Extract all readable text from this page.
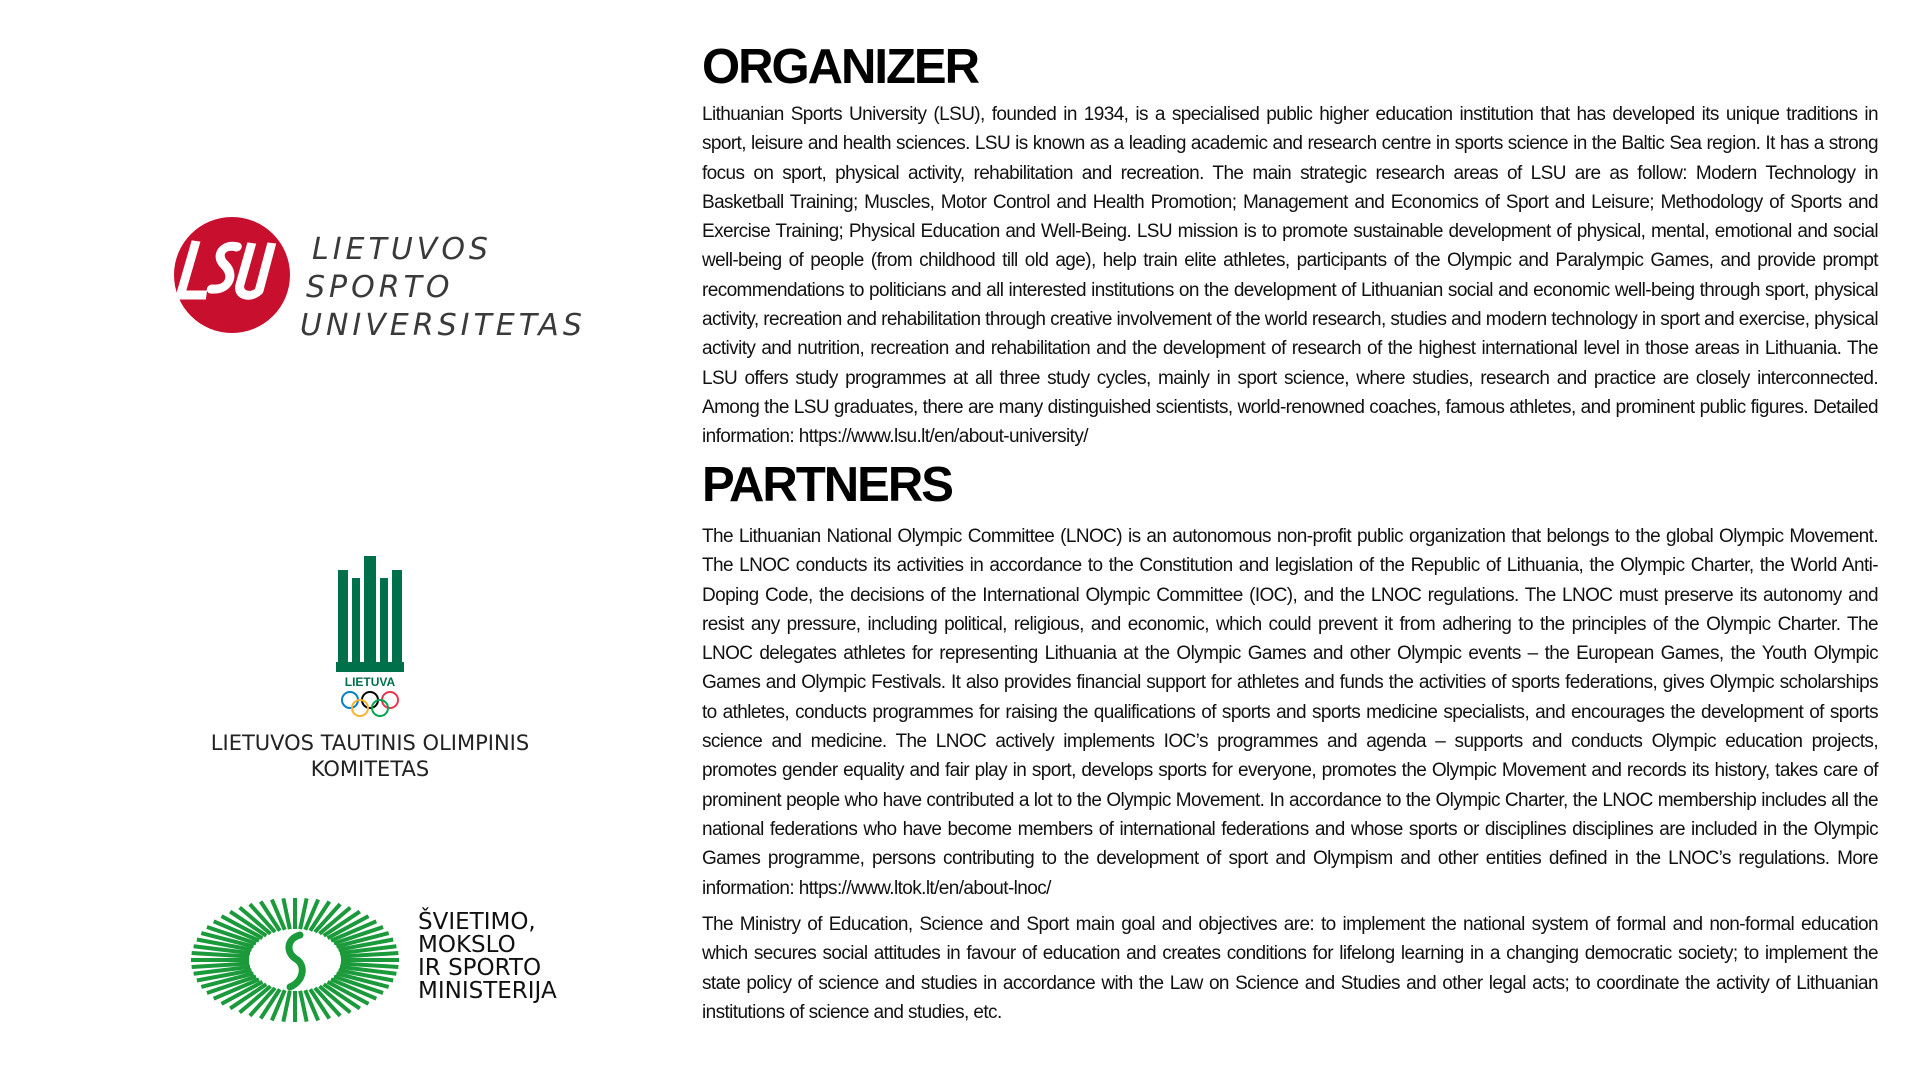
LIETUVOS
SPORTO
UNIVERSITETAS
LIETUVA
LIETUVOS TAUTINIS OLIMPINIS
KOMITETAS
ŠVIETIMO,
MOKSLO
IR SPORTO
MINISTERIJA
ORGANIZER

Lithuanian Sports University (LSU), founded in 1934, is a specialised public higher education institution that has developed its unique traditions in sport, leisure and health sciences. LSU is known as a leading academic and research centre in sports science in the Baltic Sea region. It has a strong focus on sport, physical activity, rehabilitation and recreation. The main strategic research areas of LSU are as follow: Modern Technology in Basketball Training; Muscles, Motor Control and Health Promotion; Management and Economics of Sport and Leisure; Methodology of Sports and Exercise Training; Physical Education and Well-Being. LSU mission is to promote sustainable development of physical, mental, emotional and social well-being of people (from childhood till old age), help train elite athletes, participants of the Olympic and Paralympic Games, and provide prompt recommendations to politicians and all interested institutions on the development of Lithuanian social and economic well-being through sport, physical activity, recreation and rehabilitation through creative involvement of the world research, studies and modern technology in sport and exercise, physical activity and nutrition, recreation and rehabilitation and the development of research of the highest international level in those areas in Lithuania. The LSU offers study programmes at all three study cycles, mainly in sport science, where studies, research and practice are closely interconnected. Among the LSU graduates, there are many distinguished scientists, world-renowned coaches, famous athletes, and prominent public figures. Detailed information: https://www.lsu.lt/en/about-university/

PARTNERS

The Lithuanian National Olympic Committee (LNOC) is an autonomous non-profit public organization that belongs to the global Olympic Movement. The LNOC conducts its activities in accordance to the Constitution and legislation of the Republic of Lithuania, the Olympic Charter, the World Anti-Doping Code, the decisions of the International Olympic Committee (IOC), and the LNOC regulations. The LNOC must preserve its autonomy and resist any pressure, including political, religious, and economic, which could prevent it from adhering to the principles of the Olympic Charter. The LNOC delegates athletes for representing Lithuania at the Olympic Games and other Olympic events – the European Games, the Youth Olympic Games and Olympic Festivals. It also provides financial support for athletes and funds the activities of sports federations, gives Olympic scholarships to athletes, conducts programmes for raising the qualifications of sports and sports medicine specialists, and encourages the development of sports science and medicine. The LNOC actively implements IOC’s programmes and agenda – supports and conducts Olympic education projects, promotes gender equality and fair play in sport, develops sports for everyone, promotes the Olympic Movement and records its history, takes care of prominent people who have contributed a lot to the Olympic Movement. In accordance to the Olympic Charter, the LNOC membership includes all the national federations who have become members of international federations and whose sports or disciplines disciplines are included in the Olympic Games programme, persons contributing to the development of sport and Olympism and other entities defined in the LNOC’s regulations. More information: https://www.ltok.lt/en/about-lnoc/

The Ministry of Education, Science and Sport main goal and objectives are: to implement the national system of formal and non-formal education which secures social attitudes in favour of education and creates conditions for lifelong learning in a changing democratic society; to implement the state policy of science and studies in accordance with the Law on Science and Studies and other legal acts; to coordinate the activity of Lithuanian institutions of science and studies, etc.
